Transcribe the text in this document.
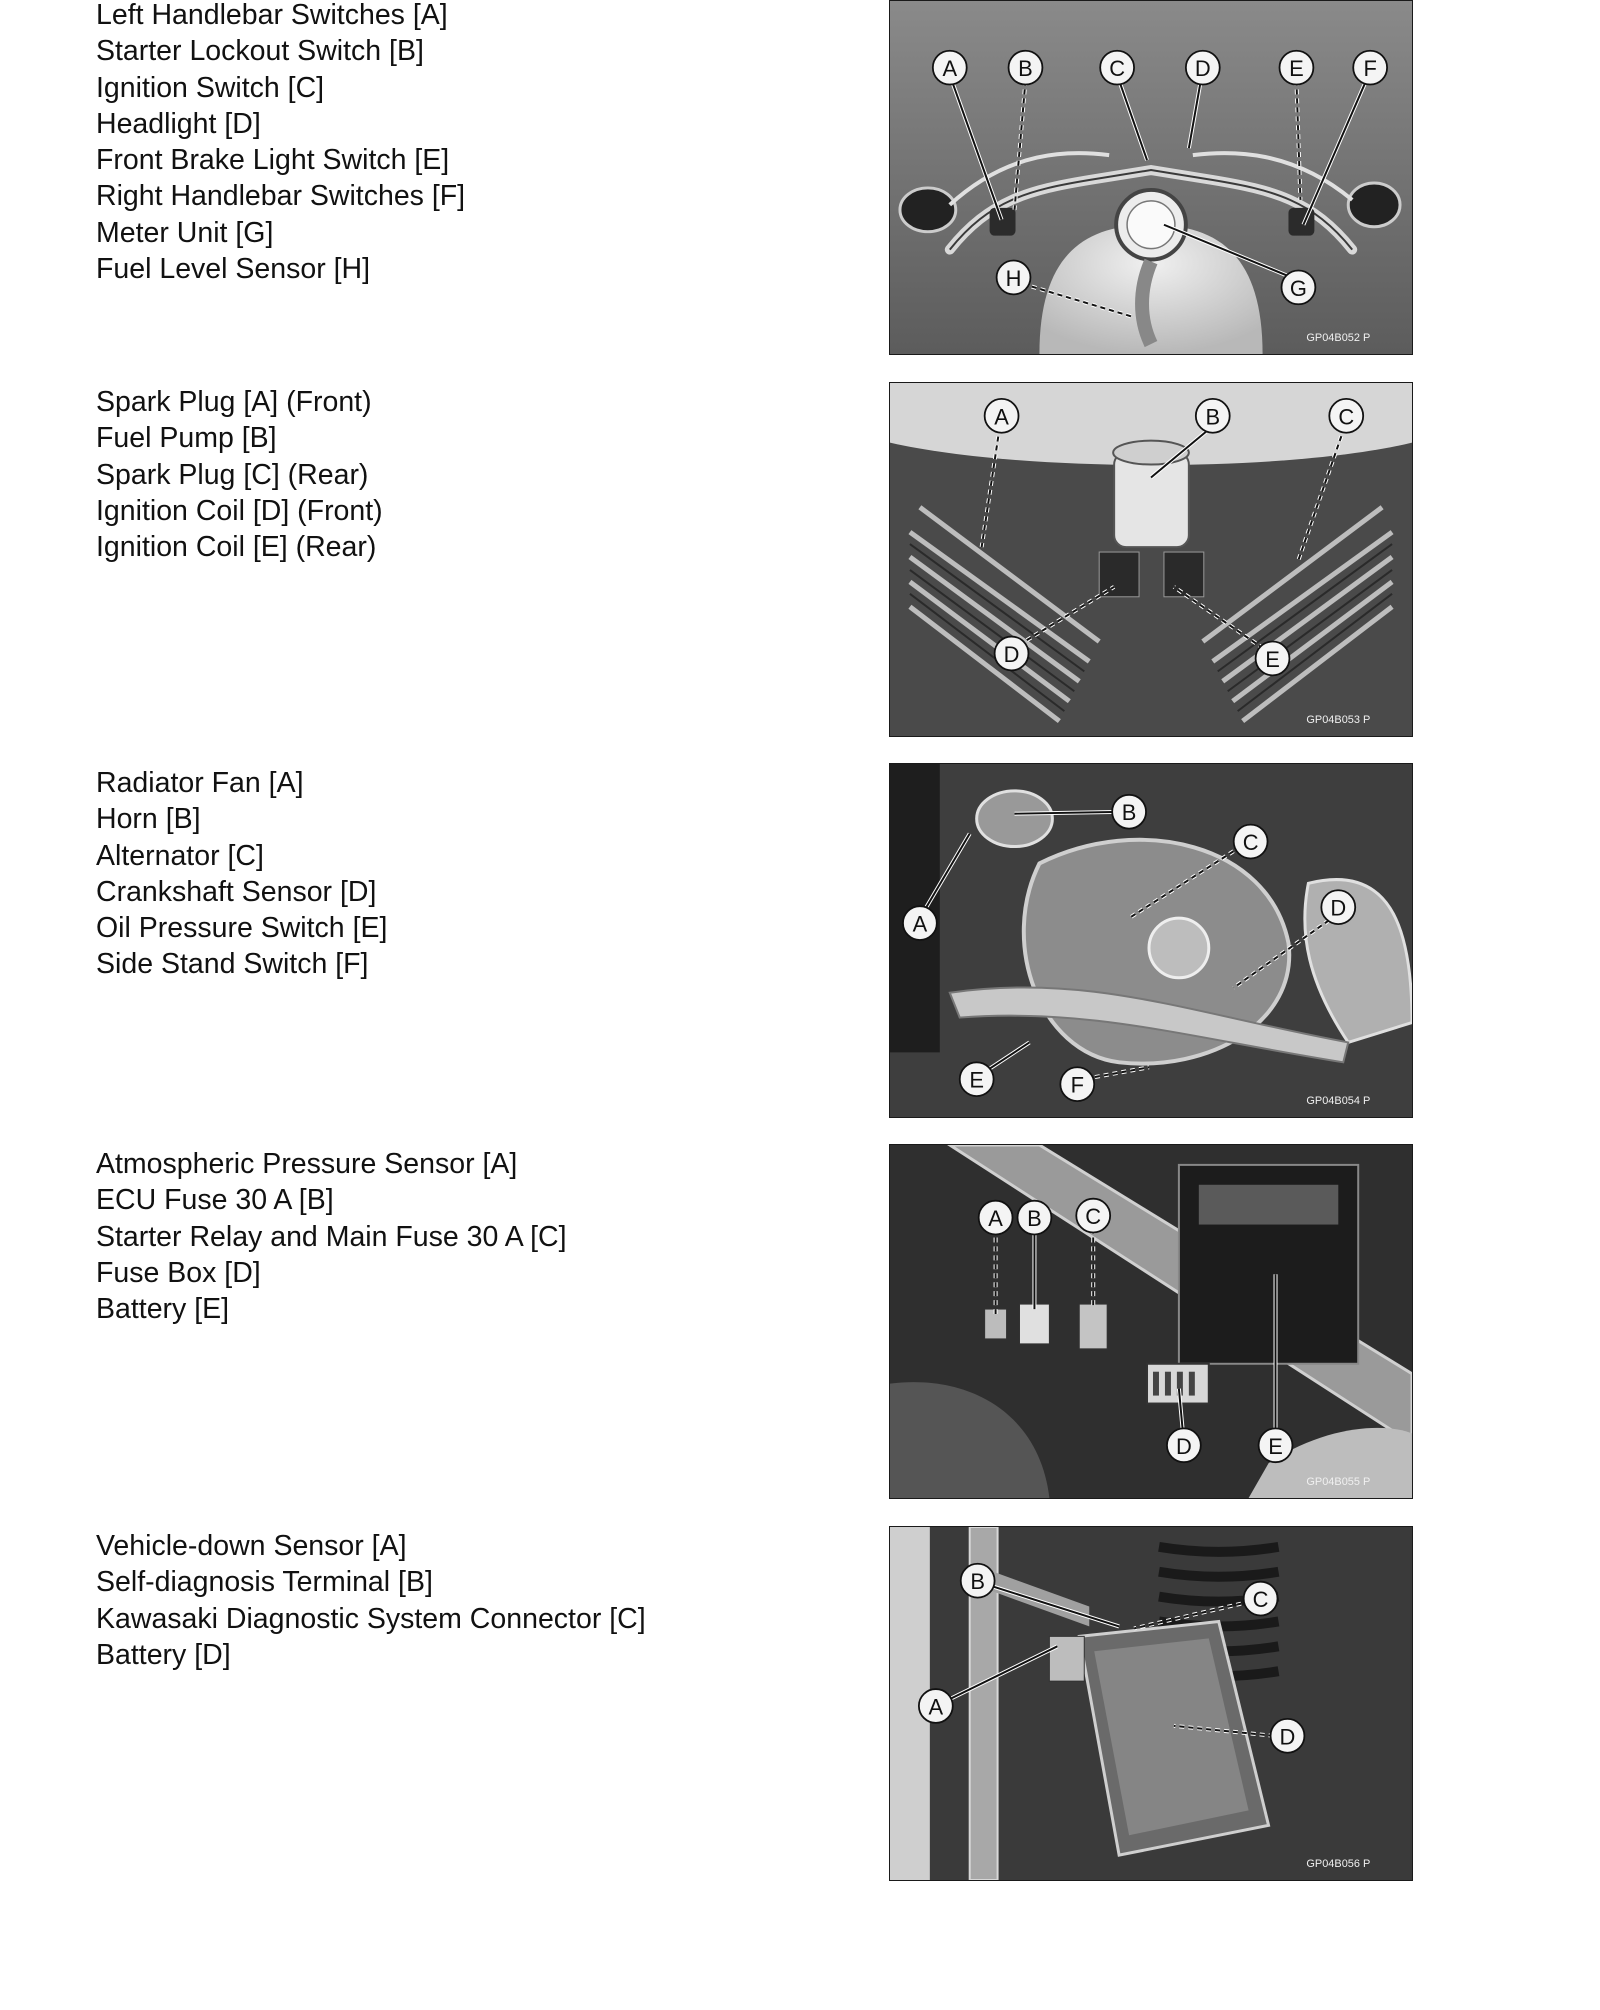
Left Handlebar Switches [A]
Starter Lockout Switch [B]
Ignition Switch [C]
Headlight [D]
Front Brake Light Switch [E]
Right Handlebar Switches [F]
Meter Unit [G]
Fuel Level Sensor [H]
A	B	C	D	E	F
G
H
GP04B052 P
Spark Plug [A] (Front)
Fuel Pump [B]
Spark Plug [C] (Rear)
Ignition Coil [D] (Front)
Ignition Coil [E] (Rear)
A	B	C
D	E
GP04B053 P
Radiator Fan [A]
Horn [B]
Alternator [C]
Crankshaft Sensor [D]
Oil Pressure Switch [E]
Side Stand Switch [F]
A
B
C
D
E	F
GP04B054 P
Atmospheric Pressure Sensor [A]
ECU Fuse 30 A [B]
Starter Relay and Main Fuse 30 A [C]
Fuse Box [D]
Battery [E]
A B C
D	E
GP04B055 P
Vehicle-down Sensor [A]
Self-diagnosis Terminal [B]
Kawasaki Diagnostic System Connector [C]
Battery [D]
A
B
C
D
GP04B056 P
